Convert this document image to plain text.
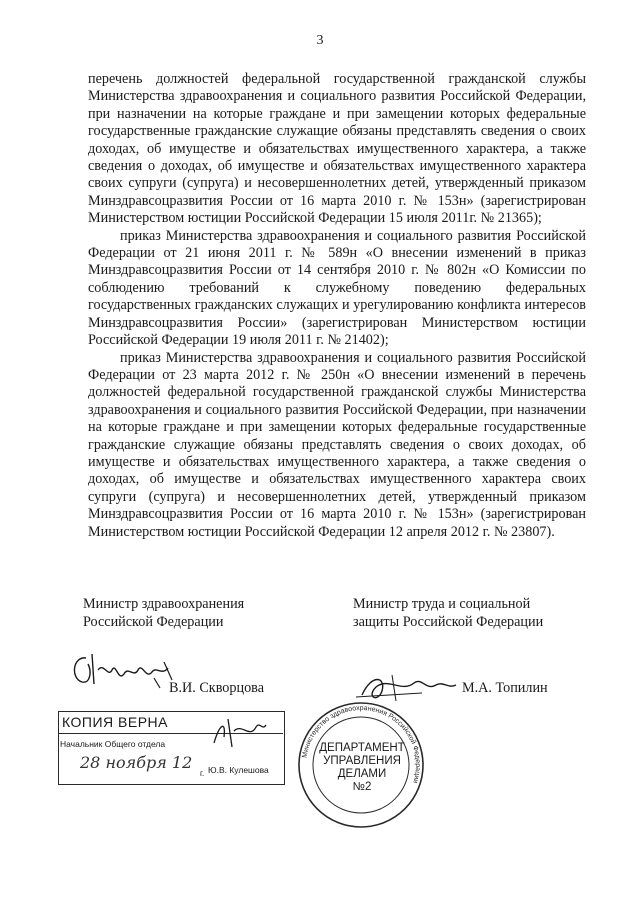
3

перечень должностей федеральной государственной гражданской службы Министерства здравоохранения и социального развития Российской Федерации, при назначении на которые граждане и при замещении которых федеральные государственные гражданские служащие обязаны представлять сведения о своих доходах, об имуществе и обязательствах имущественного характера, а также сведения о доходах, об имуществе и обязательствах имущественного характера своих супруги (супруга) и несовершеннолетних детей, утвержденный приказом Минздравсоцразвития России от 16 марта 2010 г. № 153н» (зарегистрирован Министерством юстиции Российской Федерации 15 июля 2011г. № 21365);

приказ Министерства здравоохранения и социального развития Российской Федерации от 21 июня 2011 г. № 589н «О внесении изменений в приказ Минздравсоцразвития России от 14 сентября 2010 г. № 802н «О Комиссии по соблюдению требований к служебному поведению федеральных государственных гражданских служащих и урегулированию конфликта интересов Минздравсоцразвития России» (зарегистрирован Министерством юстиции Российской Федерации 19 июля 2011 г. № 21402);

приказ Министерства здравоохранения и социального развития Российской Федерации от 23 марта 2012 г. № 250н «О внесении изменений в перечень должностей федеральной государственной гражданской службы Министерства здравоохранения и социального развития Российской Федерации, при назначении на которые граждане и при замещении которых федеральные государственные гражданские служащие обязаны представлять сведения о своих доходах, об имуществе и обязательствах имущественного характера, а также сведения о доходах, об имуществе и обязательствах имущественного характера своих супруги (супруга) и несовершеннолетних детей, утвержденный приказом Минздравсоцразвития России от 16 марта 2010 г. № 153н» (зарегистрирован Министерством юстиции Российской Федерации 12 апреля 2012 г. № 23807).

Министр здравоохранения
Российской Федерации
Министр труда и социальной
защиты Российской Федерации
В.И. Скворцова	М.А. Топилин
КОПИЯ ВЕРНА
Начальник Общего отдела
28 ноября 12
г. Ю.В. Кулешова
Министерство здравоохранения Российской Федерации
ДЕПАРТАМЕНТ
УПРАВЛЕНИЯ
ДЕЛАМИ
№2
